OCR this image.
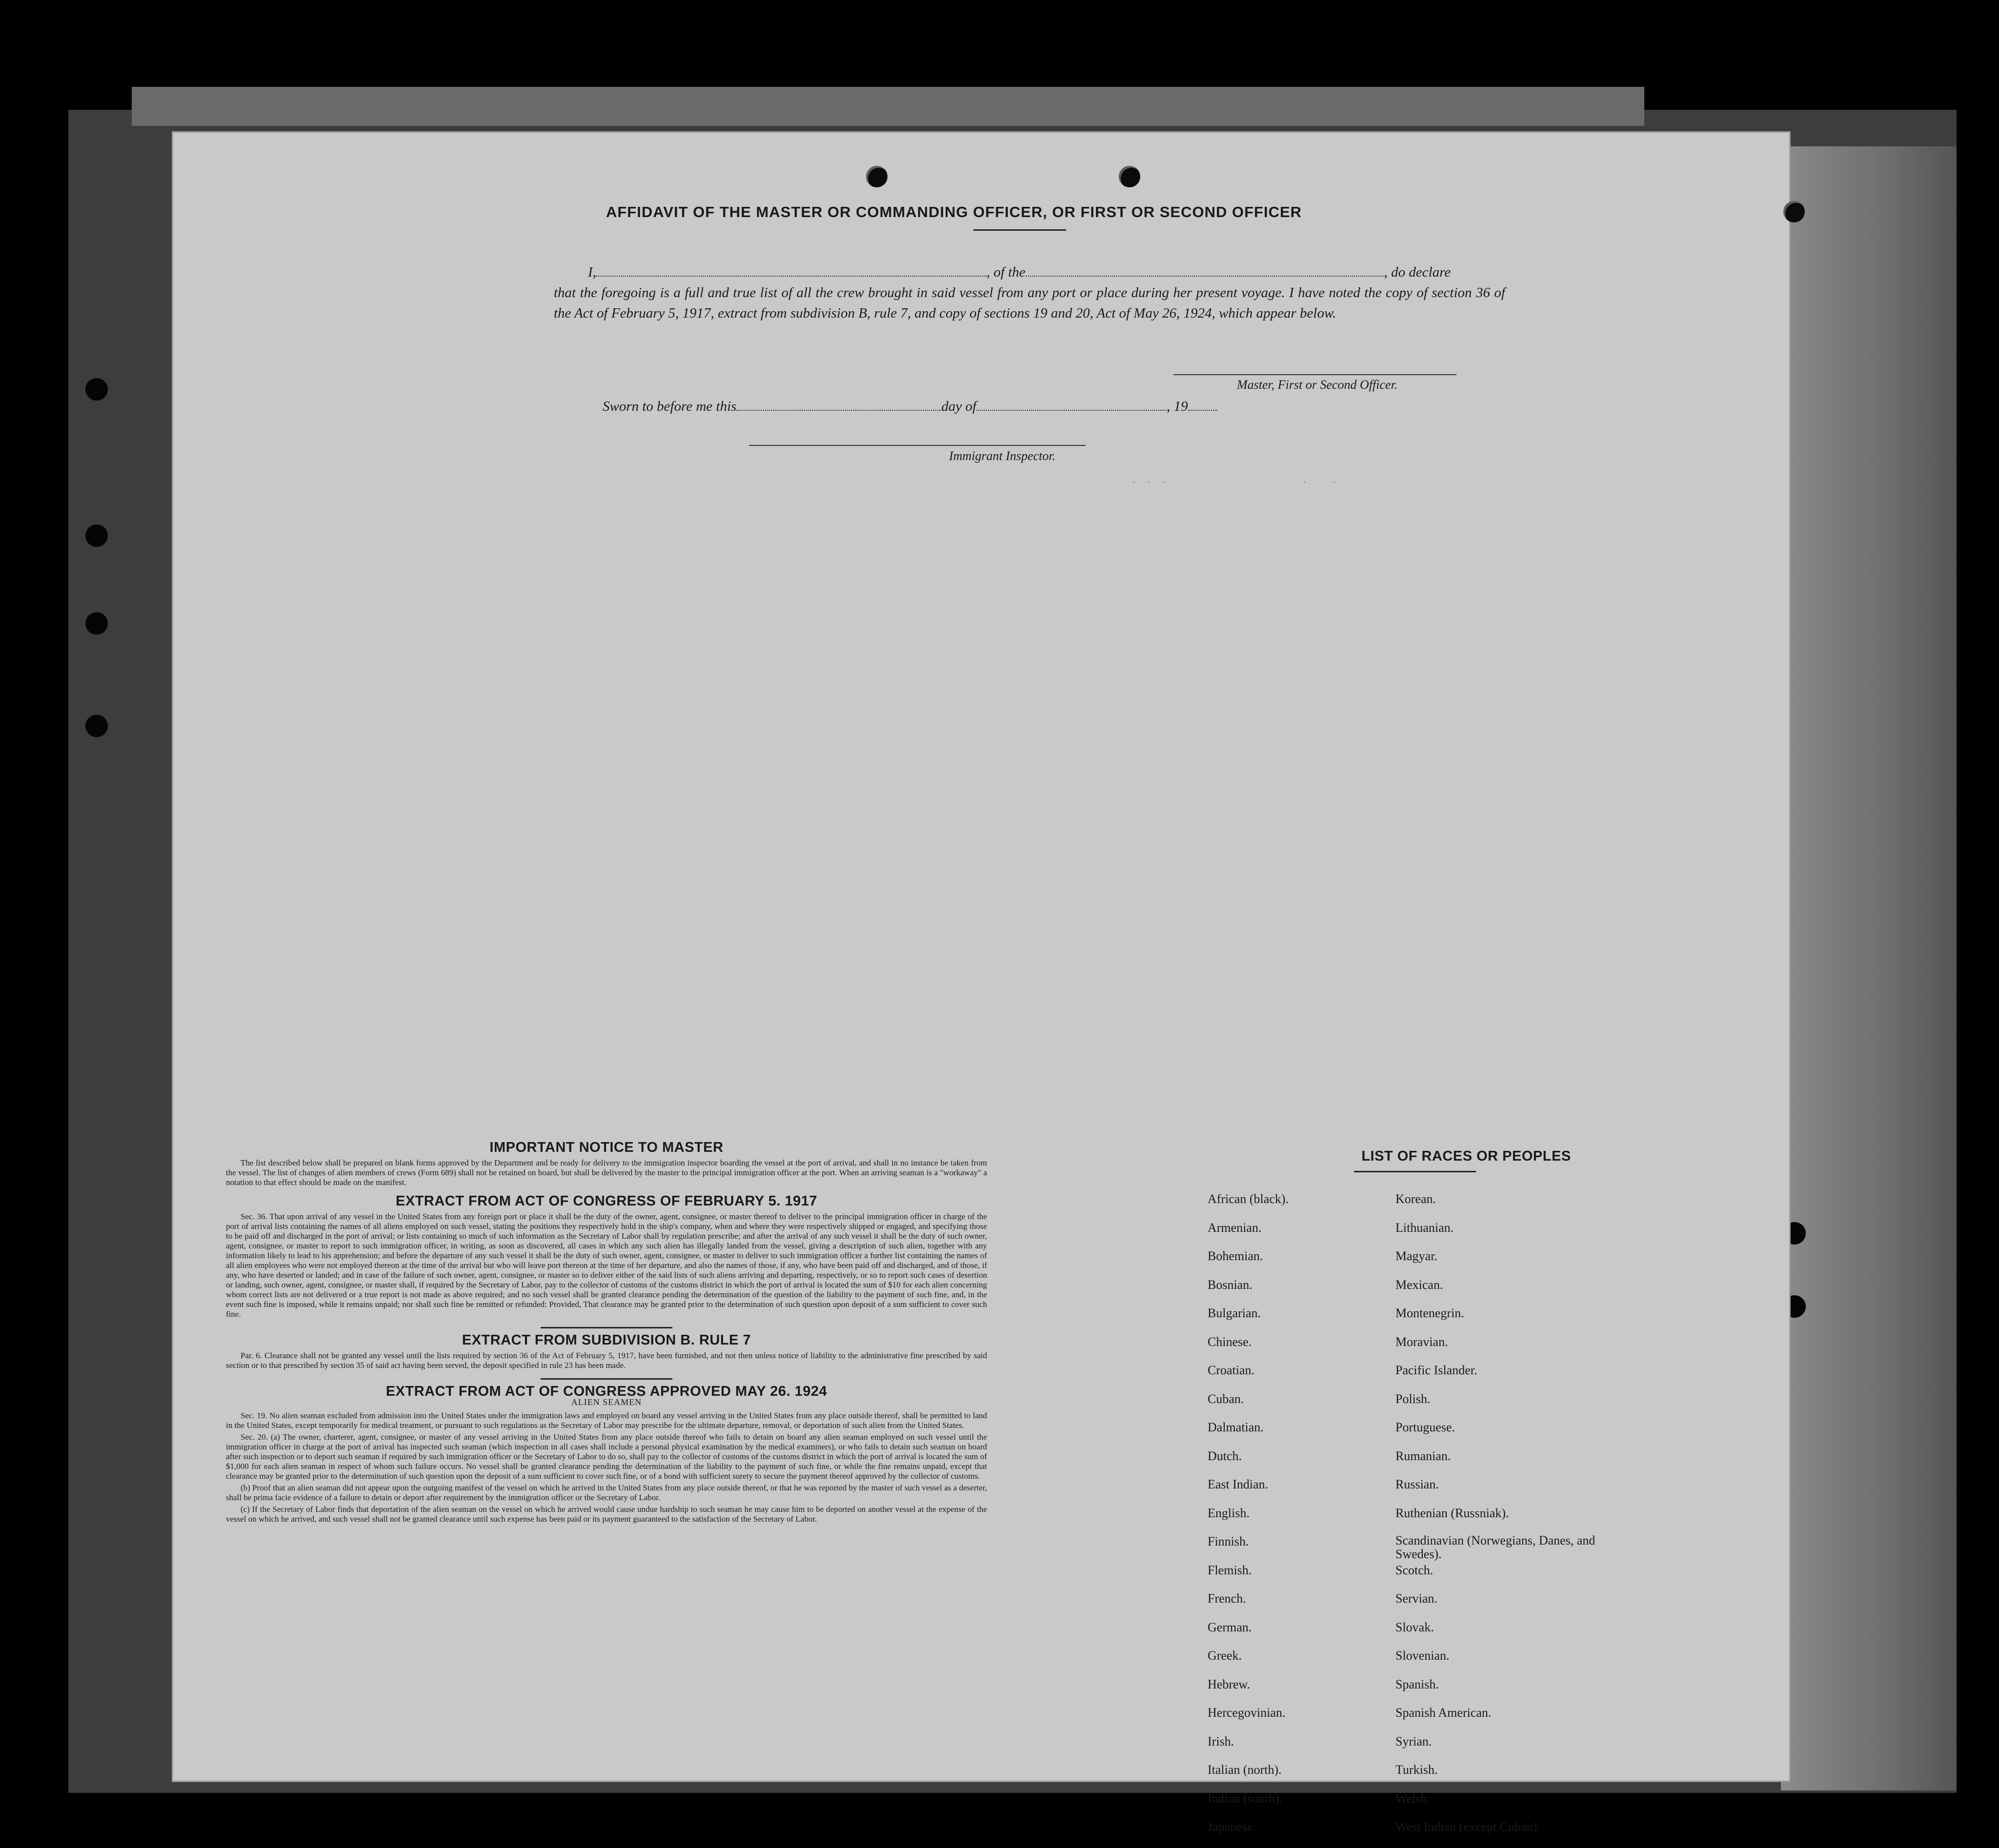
. . .                  .   .
AFFIDAVIT OF THE MASTER OR COMMANDING OFFICER, OR FIRST OR SECOND OFFICER
I,	, of the	, do declare
that the foregoing is a full and true list of all the crew brought in said vessel from any port or place during her present voyage. I have noted the copy of section 36 of the Act of February 5, 1917, extract from subdivision B, rule 7, and copy of sections 19 and 20, Act of May 26, 1924, which appear below.
Master, First or Second Officer.
Sworn to before me this	day of	, 19
Immigrant Inspector.
IMPORTANT NOTICE TO MASTER

The list described below shall be prepared on blank forms approved by the Department and be ready for delivery to the immigration inspector boarding the vessel at the port of arrival, and shall in no instance be taken from the vessel. The list of changes of alien members of crews (Form 689) shall not be retained on board, but shall be delivered by the master to the principal immigration officer at the port. When an arriving seaman is a "workaway" a notation to that effect should be made on the manifest.

EXTRACT FROM ACT OF CONGRESS OF FEBRUARY 5. 1917

Sec. 36. That upon arrival of any vessel in the United States from any foreign port or place it shall be the duty of the owner, agent, consignee, or master thereof to deliver to the principal immigration officer in charge of the port of arrival lists containing the names of all aliens employed on such vessel, stating the positions they respectively hold in the ship's company, when and where they were respectively shipped or engaged, and specifying those to be paid off and discharged in the port of arrival; or lists containing so much of such information as the Secretary of Labor shall by regulation prescribe; and after the arrival of any such vessel it shall be the duty of such owner, agent, consignee, or master to report to such immigration officer, in writing, as soon as discovered, all cases in which any such alien has illegally landed from the vessel, giving a description of such alien, together with any information likely to lead to his apprehension; and before the departure of any such vessel it shall be the duty of such owner, agent, consignee, or master to deliver to such immigration officer a further list containing the names of all alien employees who were not employed thereon at the time of the arrival but who will leave port thereon at the time of her departure, and also the names of those, if any, who have been paid off and discharged, and of those, if any, who have deserted or landed; and in case of the failure of such owner, agent, consignee, or master so to deliver either of the said lists of such aliens arriving and departing, respectively, or so to report such cases of desertion or landing, such owner, agent, consignee, or master shall, if required by the Secretary of Labor, pay to the collector of customs of the customs district in which the port of arrival is located the sum of $10 for each alien concerning whom correct lists are not delivered or a true report is not made as above required; and no such vessel shall be granted clearance pending the determination of the question of the liability to the payment of such fine, and, in the event such fine is imposed, while it remains unpaid; nor shall such fine be remitted or refunded: Provided, That clearance may be granted prior to the determination of such question upon deposit of a sum sufficient to cover such fine.

EXTRACT FROM SUBDIVISION B. RULE 7

Par. 6. Clearance shall not be granted any vessel until the lists required by section 36 of the Act of February 5, 1917, have been furnished, and not then unless notice of liability to the administrative fine prescribed by said section or to that prescribed by section 35 of said act having been served, the deposit specified in rule 23 has been made.

EXTRACT FROM ACT OF CONGRESS APPROVED MAY 26. 1924
ALIEN SEAMEN

Sec. 19. No alien seaman excluded from admission into the United States under the immigration laws and employed on board any vessel arriving in the United States from any place outside thereof, shall be permitted to land in the United States, except temporarily for medical treatment, or pursuant to such regulations as the Secretary of Labor may prescribe for the ultimate departure, removal, or deportation of such alien from the United States.

Sec. 20. (a) The owner, charterer, agent, consignee, or master of any vessel arriving in the United States from any place outside thereof who fails to detain on board any alien seaman employed on such vessel until the immigration officer in charge at the port of arrival has inspected such seaman (which inspection in all cases shall include a personal physical examination by the medical examiners), or who fails to detain such seaman on board after such inspection or to deport such seaman if required by such immigration officer or the Secretary of Labor to do so, shall pay to the collector of customs of the customs district in which the port of arrival is located the sum of $1,000 for each alien seaman in respect of whom such failure occurs. No vessel shall be granted clearance pending the determination of the liability to the payment of such fine, or while the fine remains unpaid, except that clearance may be granted prior to the determination of such question upon the deposit of a sum sufficient to cover such fine, or of a bond with sufficient surety to secure the payment thereof approved by the collector of customs.

(b) Proof that an alien seaman did not appear upon the outgoing manifest of the vessel on which he arrived in the United States from any place outside thereof, or that he was reported by the master of such vessel as a deserter, shall be prima facie evidence of a failure to detain or deport after requirement by the immigration officer or the Secretary of Labor.

(c) If the Secretary of Labor finds that deportation of the alien seaman on the vessel on which he arrived would cause undue hardship to such seaman he may cause him to be deported on another vessel at the expense of the vessel on which he arrived, and such vessel shall not be granted clearance until such expense has been paid or its payment guaranteed to the satisfaction of the Secretary of Labor.

LIST OF RACES OR PEOPLES
African (black).
Armenian.
Bohemian.
Bosnian.
Bulgarian.
Chinese.
Croatian.
Cuban.
Dalmatian.
Dutch.
East Indian.
English.
Finnish.
Flemish.
French.
German.
Greek.
Hebrew.
Hercegovinian.
Irish.
Italian (north).
Italian (south).
Japanese.
Korean.
Lithuanian.
Magyar.
Mexican.
Montenegrin.
Moravian.
Pacific Islander.
Polish.
Portuguese.
Rumanian.
Russian.
Ruthenian (Russniak).
Scandinavian (Norwegians, Danes, and Swedes).
Scotch.
Servian.
Slovak.
Slovenian.
Spanish.
Spanish American.
Syrian.
Turkish.
Welsh.
West Indian (except Cuban).
